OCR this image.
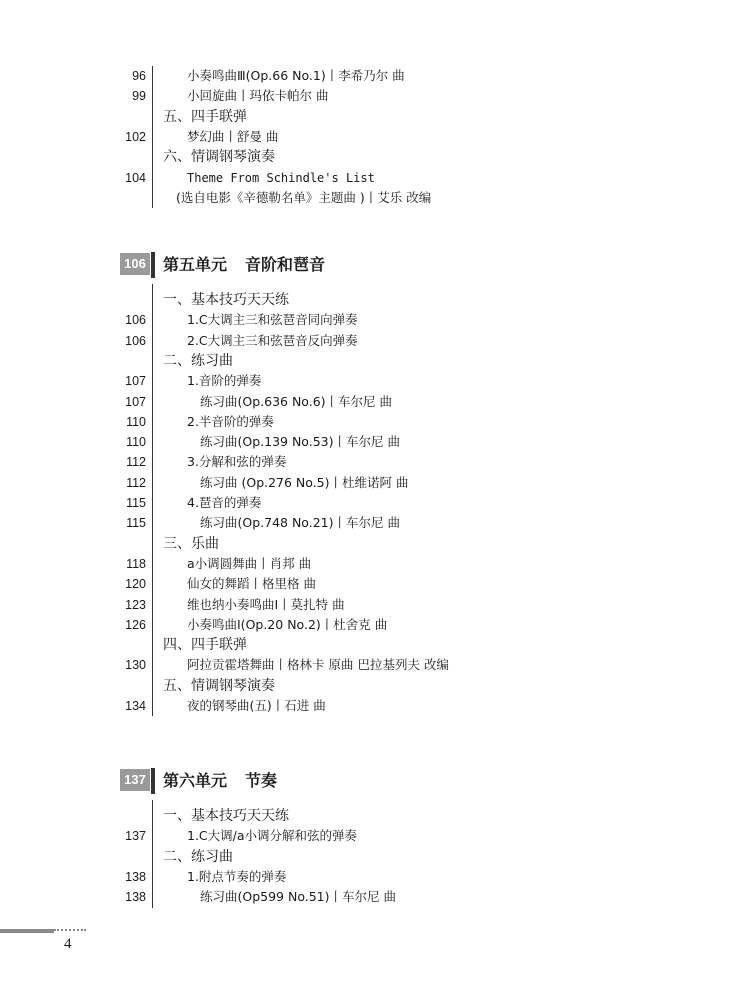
96	小奏鸣曲Ⅲ(Op.66 No.1)丨李希乃尔 曲
99	小回旋曲丨玛依卡帕尔 曲
五、四手联弹
102	梦幻曲丨舒曼 曲
六、情调钢琴演奏
104	Theme From Schindle's List
(选自电影《辛德勒名单》主题曲 )丨艾乐 改编
106 第五单元 音阶和琶音
一、基本技巧天天练
106	1.C大调主三和弦琶音同向弹奏
106	2.C大调主三和弦琶音反向弹奏
二、练习曲
107	1.音阶的弹奏
107	练习曲(Op.636 No.6)丨车尔尼 曲
110	2.半音阶的弹奏
110	练习曲(Op.139 No.53)丨车尔尼 曲
112	3.分解和弦的弹奏
112	练习曲 (Op.276 No.5)丨杜维诺阿 曲
115	4.琶音的弹奏
115	练习曲(Op.748 No.21)丨车尔尼 曲
三、乐曲
118	a小调圆舞曲丨肖邦 曲
120	仙女的舞蹈丨格里格 曲
123	维也纳小奏鸣曲Ⅰ丨莫扎特 曲
126	小奏鸣曲Ⅰ(Op.20 No.2)丨杜舍克 曲
四、四手联弹
130	阿拉贡霍塔舞曲丨格林卡 原曲 巴拉基列夫 改编
五、情调钢琴演奏
134	夜的钢琴曲(五)丨石进 曲
137 第六单元 节奏
一、基本技巧天天练
137	1.C大调/a小调分解和弦的弹奏
二、练习曲
138	1.附点节奏的弹奏
138	练习曲(Op599 No.51)丨车尔尼 曲
4
